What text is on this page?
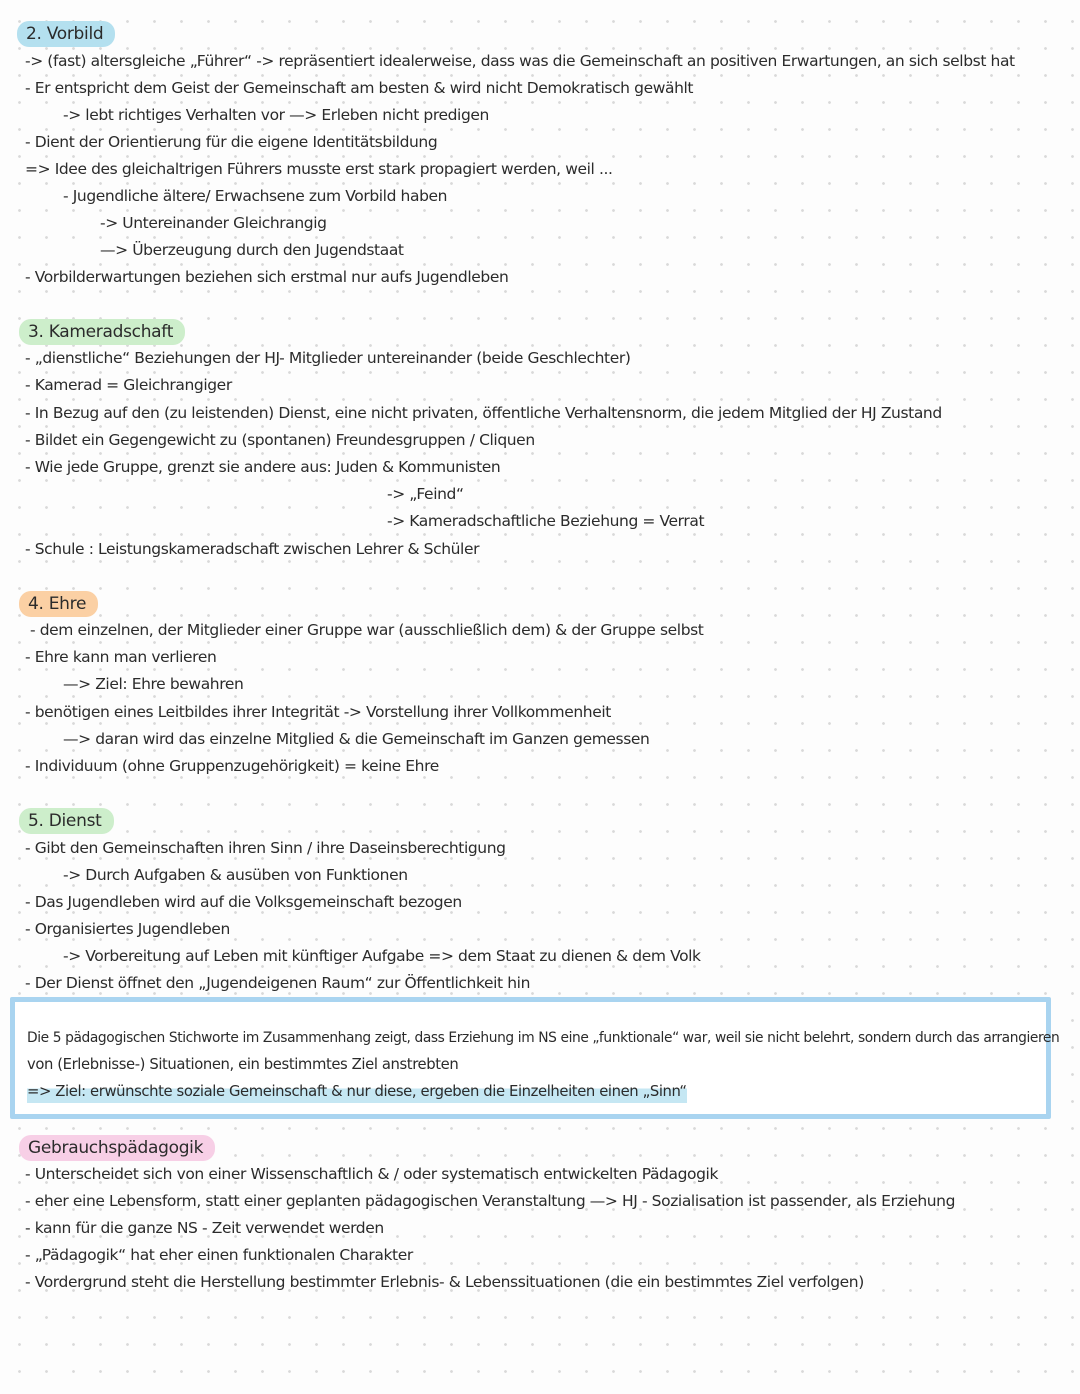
2. Vorbild
-> (fast) altersgleiche „Führer“ -> repräsentiert idealerweise, dass was die Gemeinschaft an positiven Erwartungen, an sich selbst hat
- Er entspricht dem Geist der Gemeinschaft am besten & wird nicht Demokratisch gewählt
-> lebt richtiges Verhalten vor —> Erleben nicht predigen
- Dient der Orientierung für die eigene Identitätsbildung
=> Idee des gleichaltrigen Führers musste erst stark propagiert werden, weil ...
- Jugendliche ältere/ Erwachsene zum Vorbild haben
-> Untereinander Gleichrangig
—> Überzeugung durch den Jugendstaat
- Vorbilderwartungen beziehen sich erstmal nur aufs Jugendleben
3. Kameradschaft
- „dienstliche“ Beziehungen der HJ- Mitglieder untereinander (beide Geschlechter)
- Kamerad = Gleichrangiger
- In Bezug auf den (zu leistenden) Dienst, eine nicht privaten, öffentliche Verhaltensnorm, die jedem Mitglied der HJ Zustand
- Bildet ein Gegengewicht zu (spontanen) Freundesgruppen / Cliquen
- Wie jede Gruppe, grenzt sie andere aus: Juden & Kommunisten
-> „Feind“
-> Kameradschaftliche Beziehung = Verrat
- Schule : Leistungskameradschaft zwischen Lehrer & Schüler
4. Ehre
- dem einzelnen, der Mitglieder einer Gruppe war (ausschließlich dem) & der Gruppe selbst
- Ehre kann man verlieren
—> Ziel: Ehre bewahren
- benötigen eines Leitbildes ihrer Integrität -> Vorstellung ihrer Vollkommenheit
—> daran wird das einzelne Mitglied & die Gemeinschaft im Ganzen gemessen
- Individuum (ohne Gruppenzugehörigkeit) = keine Ehre
5. Dienst
- Gibt den Gemeinschaften ihren Sinn / ihre Daseinsberechtigung
-> Durch Aufgaben & ausüben von Funktionen
- Das Jugendleben wird auf die Volksgemeinschaft bezogen
- Organisiertes Jugendleben
-> Vorbereitung auf Leben mit künftiger Aufgabe => dem Staat zu dienen & dem Volk
- Der Dienst öffnet den „Jugendeigenen Raum“ zur Öffentlichkeit hin
Die 5 pädagogischen Stichworte im Zusammenhang zeigt, dass Erziehung im NS eine „funktionale“ war, weil sie nicht belehrt, sondern durch das arrangieren
von (Erlebnisse-) Situationen, ein bestimmtes Ziel anstrebten
=> Ziel: erwünschte soziale Gemeinschaft & nur diese, ergeben die Einzelheiten einen „Sinn“
Gebrauchspädagogik
- Unterscheidet sich von einer Wissenschaftlich & / oder systematisch entwickelten Pädagogik
- eher eine Lebensform, statt einer geplanten pädagogischen Veranstaltung —> HJ - Sozialisation ist passender, als Erziehung
- kann für die ganze NS - Zeit verwendet werden
- „Pädagogik“ hat eher einen funktionalen Charakter
- Vordergrund steht die Herstellung bestimmter Erlebnis- & Lebenssituationen (die ein bestimmtes Ziel verfolgen)
